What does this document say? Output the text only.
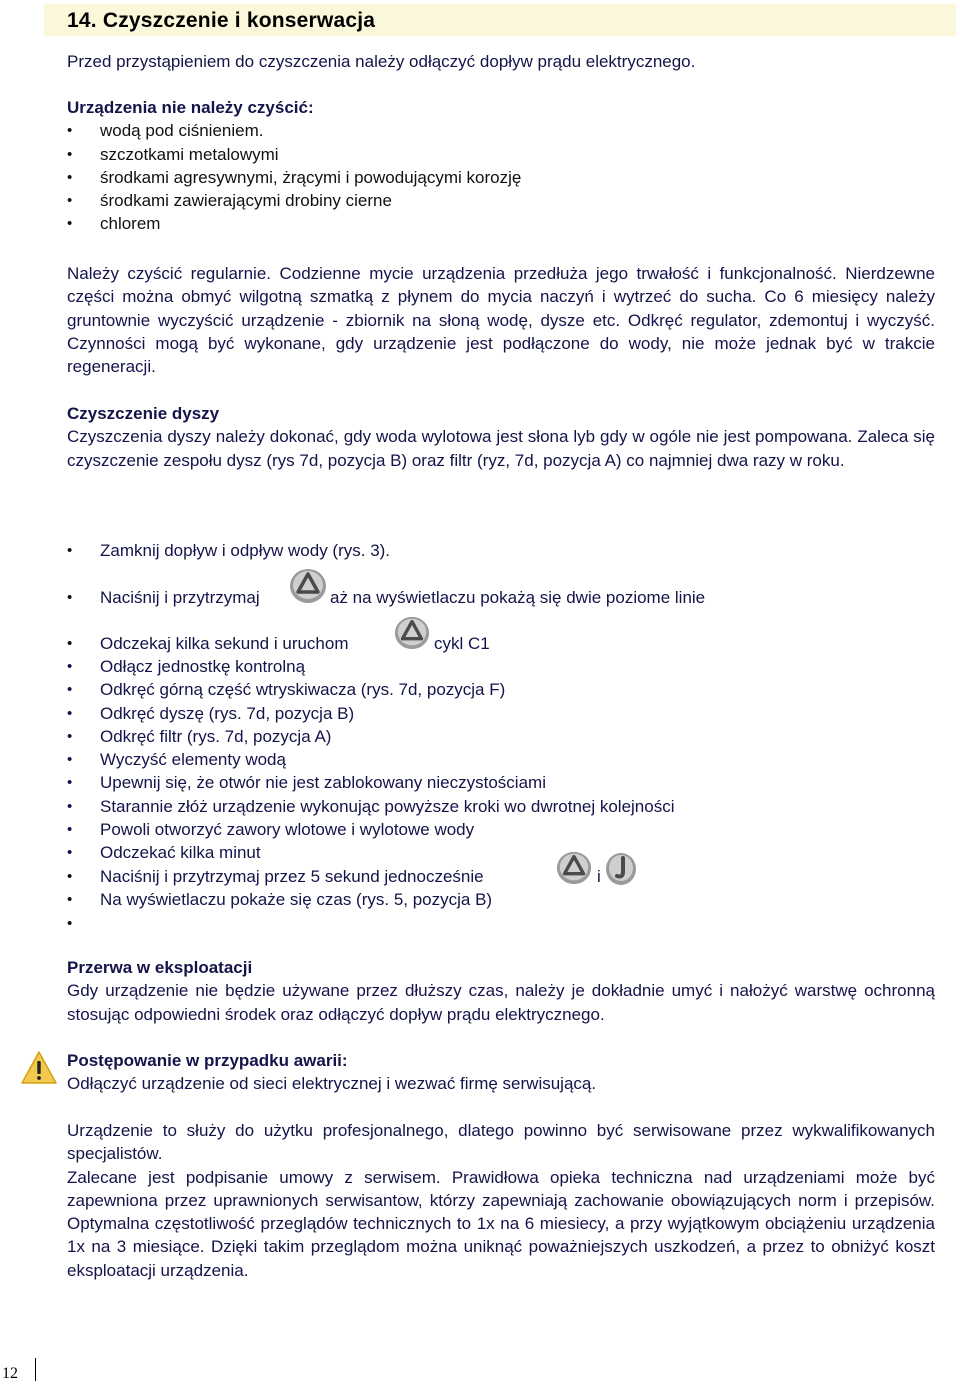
14. Czyszczenie i konserwacja
Przed przystąpieniem do czyszczenia należy odłączyć dopływ prądu elektrycznego.

Urządzenia nie należy czyścić:

• wodą pod ciśnieniem.
• szczotkami metalowymi
• środkami agresywnymi, żrącymi i powodującymi korozję
• środkami zawierającymi drobiny cierne
• chlorem
Należy czyścić regularnie. Codzienne mycie urządzenia przedłuża jego trwałość i funkcjonalność. Nierdzewne części można obmyć wilgotną szmatką z płynem do mycia naczyń i wytrzeć do sucha. Co 6 miesięcy należy gruntownie wyczyścić urządzenie - zbiornik na słoną wodę, dysze etc. Odkręć regulator, zdemontuj i wyczyść. Czynności mogą być wykonane, gdy urządzenie jest podłączone do wody, nie może jednak być w trakcie regeneracji.

Czyszczenie dyszy

Czyszczenia dyszy należy dokonać, gdy woda wylotowa jest słona lyb gdy w ogóle nie jest pompowana. Zaleca się czyszczenie zespołu dysz (rys 7d, pozycja B) oraz filtr (ryz, 7d, pozycja A) co najmniej dwa razy w roku.

• Zamknij dopływ i odpływ wody (rys. 3).
• Naciśnij i przytrzymaj	aż na wyświetlaczu pokażą się dwie poziome linie
• Odczekaj kilka sekund i uruchom	cykl C1
• Odłącz jednostkę kontrolną
• Odkręć górną część wtryskiwacza (rys. 7d, pozycja F)
• Odkręć dyszę (rys. 7d, pozycja B)
• Odkręć filtr (rys. 7d, pozycja A)
• Wyczyść elementy wodą
• Upewnij się, że otwór nie jest zablokowany nieczystościami
• Starannie złóż urządzenie wykonując powyższe kroki wo dwrotnej kolejności
• Powoli otworzyć zawory wlotowe i wylotowe wody
• Odczekać kilka minut
• Naciśnij i przytrzymaj przez 5 sekund jednocześnie	i
• Na wyświetlaczu pokaże się czas (rys. 5, pozycja B)
•

Przerwa w eksploatacji

Gdy urządzenie nie będzie używane przez dłuższy czas, należy je dokładnie umyć i nałożyć warstwę ochronną stosując odpowiedni środek oraz odłączyć dopływ prądu elektrycznego.

Postępowanie w przypadku awarii:

Odłączyć urządzenie od sieci elektrycznej i wezwać firmę serwisującą.

Urządzenie to służy do użytku profesjonalnego, dlatego powinno być serwisowane przez wykwalifikowanych specjalistów.

Zalecane jest podpisanie umowy z serwisem. Prawidłowa opieka techniczna nad urządzeniami może być zapewniona przez uprawnionych serwisantow, którzy zapewniają zachowanie obowiązujących norm i przepisów. Optymalna częstotliwość przeglądów technicznych to 1x na 6 miesiecy, a przy wyjątkowym obciążeniu urządzenia 1x na 3 miesiące. Dzięki takim przeglądom można uniknąć poważniejszych uszkodzeń, a przez to obniżyć koszt eksploatacji urządzenia.

12
